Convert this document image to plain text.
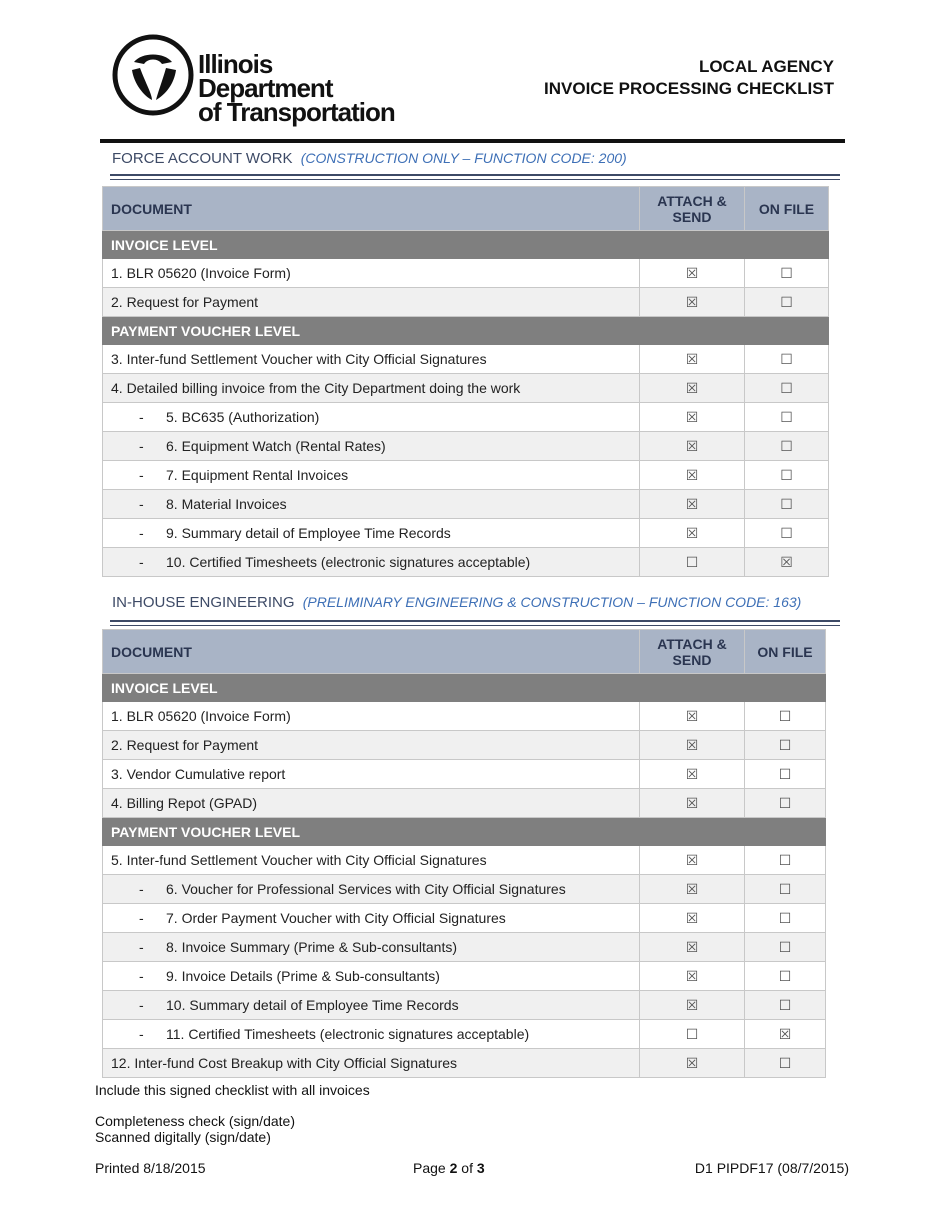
Illinois Department
of Transportation
LOCAL AGENCY
INVOICE PROCESSING CHECKLIST
FORCE ACCOUNT WORK (CONSTRUCTION ONLY – FUNCTION CODE: 200)
DOCUMENT	ATTACH & SEND	ON FILE
INVOICE LEVEL		
1. BLR 05620 (Invoice Form)	☒	☐
2. Request for Payment	☒	☐
PAYMENT VOUCHER LEVEL		
3. Inter-fund Settlement Voucher with City Official Signatures	☒	☐
4. Detailed billing invoice from the City Department doing the work	☒	☐
- 5. BC635 (Authorization)	☒	☐
- 6. Equipment Watch (Rental Rates)	☒	☐
- 7. Equipment Rental Invoices	☒	☐
- 8. Material Invoices	☒	☐
- 9. Summary detail of Employee Time Records	☒	☐
- 10. Certified Timesheets (electronic signatures acceptable)	☐	☒
IN-HOUSE ENGINEERING (PRELIMINARY ENGINEERING & CONSTRUCTION – FUNCTION CODE: 163)
DOCUMENT	ATTACH & SEND	ON FILE
INVOICE LEVEL		
1. BLR 05620 (Invoice Form)	☒	☐
2. Request for Payment	☒	☐
3. Vendor Cumulative report	☒	☐
4. Billing Repot (GPAD)	☒	☐
PAYMENT VOUCHER LEVEL		
5. Inter-fund Settlement Voucher with City Official Signatures	☒	☐
- 6. Voucher for Professional Services with City Official Signatures	☒	☐
- 7. Order Payment Voucher with City Official Signatures	☒	☐
- 8. Invoice Summary (Prime & Sub-consultants)	☒	☐
- 9. Invoice Details (Prime & Sub-consultants)	☒	☐
- 10. Summary detail of Employee Time Records	☒	☐
- 11. Certified Timesheets (electronic signatures acceptable)	☐	☒
12. Inter-fund Cost Breakup with City Official Signatures	☒	☐
Include this signed checklist with all invoices
Completeness check (sign/date)
Scanned digitally (sign/date)
Printed 8/18/2015	Page 2 of 3	D1 PIPDF17 (08/7/2015)
